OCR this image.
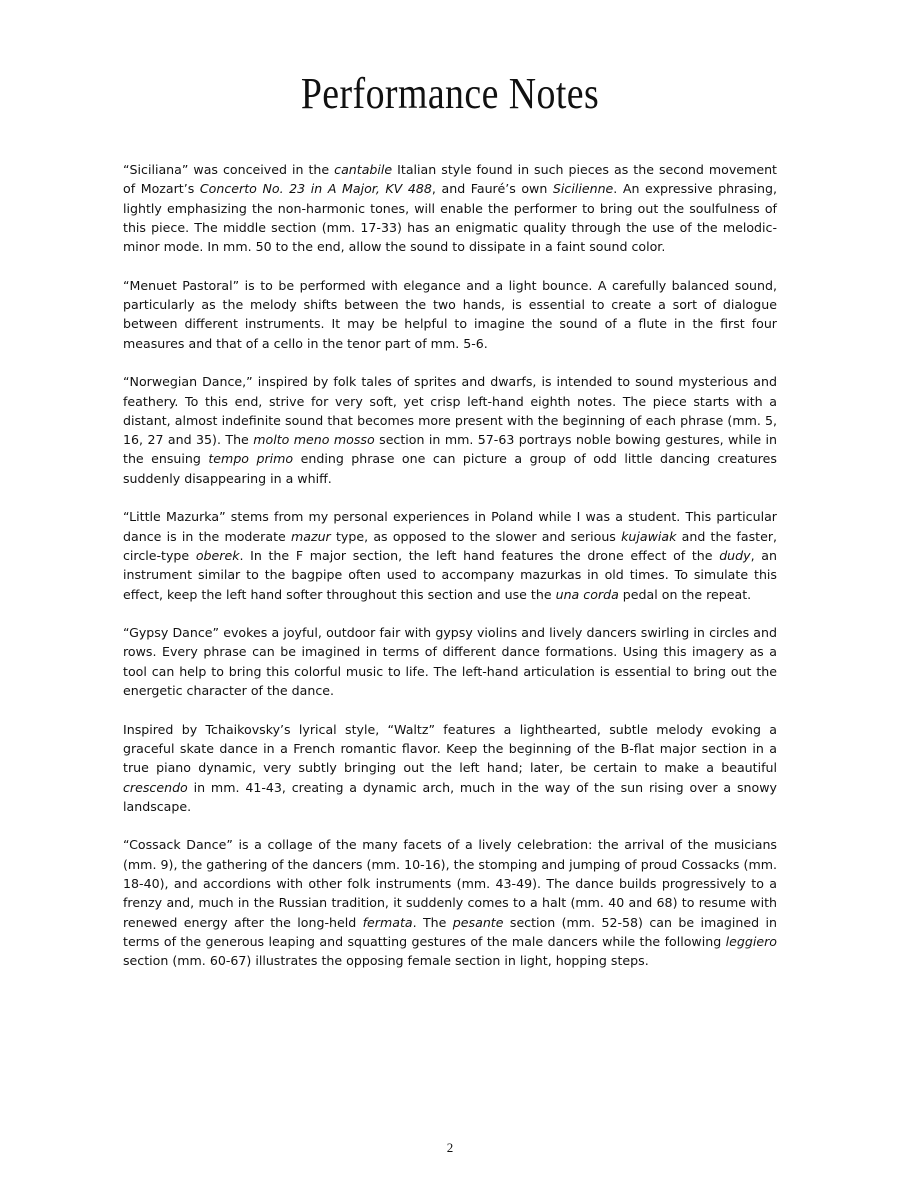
Performance Notes

“Siciliana” was conceived in the cantabile Italian style found in such pieces as the second movement of Mozart’s Concerto No. 23 in A Major, KV 488, and Fauré’s own Sicilienne. An expressive phrasing, lightly emphasizing the non-harmonic tones, will enable the performer to bring out the soulfulness of this piece. The middle section (mm. 17-33) has an enigmatic quality through the use of the melodic-minor mode. In mm. 50 to the end, allow the sound to dissipate in a faint sound color.

“Menuet Pastoral” is to be performed with elegance and a light bounce. A carefully balanced sound, particularly as the melody shifts between the two hands, is essential to create a sort of dialogue between different instruments. It may be helpful to imagine the sound of a flute in the first four measures and that of a cello in the tenor part of mm. 5-6.

“Norwegian Dance,” inspired by folk tales of sprites and dwarfs, is intended to sound mysterious and feathery. To this end, strive for very soft, yet crisp left-hand eighth notes. The piece starts with a distant, almost indefinite sound that becomes more present with the beginning of each phrase (mm. 5, 16, 27 and 35). The molto meno mosso section in mm. 57-63 portrays noble bowing gestures, while in the ensuing tempo primo ending phrase one can picture a group of odd little dancing creatures suddenly disappearing in a whiff.

“Little Mazurka” stems from my personal experiences in Poland while I was a student. This particular dance is in the moderate mazur type, as opposed to the slower and serious kujawiak and the faster, circle-type oberek. In the F major section, the left hand features the drone effect of the dudy, an instrument similar to the bagpipe often used to accompany mazurkas in old times. To simulate this effect, keep the left hand softer throughout this section and use the una corda pedal on the repeat.

“Gypsy Dance” evokes a joyful, outdoor fair with gypsy violins and lively dancers swirling in circles and rows. Every phrase can be imagined in terms of different dance formations. Using this imagery as a tool can help to bring this colorful music to life. The left-hand articulation is essential to bring out the energetic character of the dance.

Inspired by Tchaikovsky’s lyrical style, “Waltz” features a lighthearted, subtle melody evoking a graceful skate dance in a French romantic flavor. Keep the beginning of the B-flat major section in a true piano dynamic, very subtly bringing out the left hand; later, be certain to make a beautiful crescendo in mm. 41-43, creating a dynamic arch, much in the way of the sun rising over a snowy landscape.

“Cossack Dance” is a collage of the many facets of a lively celebration: the arrival of the musicians (mm. 9), the gathering of the dancers (mm. 10-16), the stomping and jumping of proud Cossacks (mm. 18-40), and accordions with other folk instruments (mm. 43-49). The dance builds progressively to a frenzy and, much in the Russian tradition, it suddenly comes to a halt (mm. 40 and 68) to resume with renewed energy after the long-held fermata. The pesante section (mm. 52-58) can be imagined in terms of the generous leaping and squatting gestures of the male dancers while the following leggiero section (mm. 60-67) illustrates the opposing female section in light, hopping steps.

2
